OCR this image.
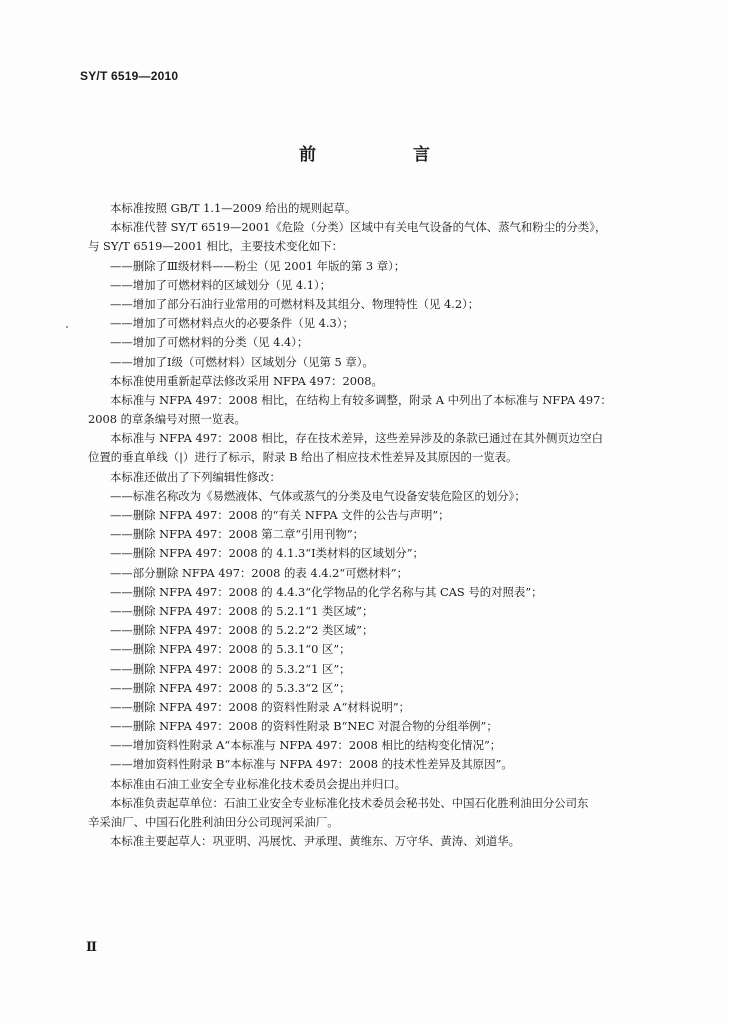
SY/T 6519—2010
前　言
本标准按照 GB/T 1.1—2009 给出的规则起草。
本标准代替 SY/T 6519—2001《危险（分类）区域中有关电气设备的气体、蒸气和粉尘的分类》，
与 SY/T 6519—2001 相比，主要技术变化如下：
——删除了Ⅲ级材料——粉尘（见 2001 年版的第 3 章）；
——增加了可燃材料的区域划分（见 4.1）；
——增加了部分石油行业常用的可燃材料及其组分、物理特性（见 4.2）；
——增加了可燃材料点火的必要条件（见 4.3）；
——增加了可燃材料的分类（见 4.4）；
——增加了Ⅰ级（可燃材料）区域划分（见第 5 章）。
本标准使用重新起草法修改采用 NFPA 497：2008。
本标准与 NFPA 497：2008 相比，在结构上有较多调整，附录 A 中列出了本标准与 NFPA 497：
2008 的章条编号对照一览表。
本标准与 NFPA 497：2008 相比，存在技术差异，这些差异涉及的条款已通过在其外侧页边空白
位置的垂直单线（|）进行了标示，附录 B 给出了相应技术性差异及其原因的一览表。
本标准还做出了下列编辑性修改：
——标准名称改为《易燃液体、气体或蒸气的分类及电气设备安装危险区的划分》；
——删除 NFPA 497：2008 的“有关 NFPA 文件的公告与声明”；
——删除 NFPA 497：2008 第二章“引用刊物”；
——删除 NFPA 497：2008 的 4.1.3“Ⅰ类材料的区域划分”；
——部分删除 NFPA 497：2008 的表 4.4.2“可燃材料”；
——删除 NFPA 497：2008 的 4.4.3“化学物品的化学名称与其 CAS 号的对照表”；
——删除 NFPA 497：2008 的 5.2.1“1 类区域”；
——删除 NFPA 497：2008 的 5.2.2“2 类区域”；
——删除 NFPA 497：2008 的 5.3.1“0 区”；
——删除 NFPA 497：2008 的 5.3.2“1 区”；
——删除 NFPA 497：2008 的 5.3.3“2 区”；
——删除 NFPA 497：2008 的资料性附录 A“材料说明”；
——删除 NFPA 497：2008 的资料性附录 B“NEC 对混合物的分组举例”；
——增加资料性附录 A“本标准与 NFPA 497：2008 相比的结构变化情况”；
——增加资料性附录 B“本标准与 NFPA 497：2008 的技术性差异及其原因”。
本标准由石油工业安全专业标准化技术委员会提出并归口。
本标准负责起草单位：石油工业安全专业标准化技术委员会秘书处、中国石化胜利油田分公司东
辛采油厂、中国石化胜利油田分公司现河采油厂。
本标准主要起草人：巩亚明、冯展忱、尹承理、黄维东、万守华、黄涛、刘道华。
Ⅱ
